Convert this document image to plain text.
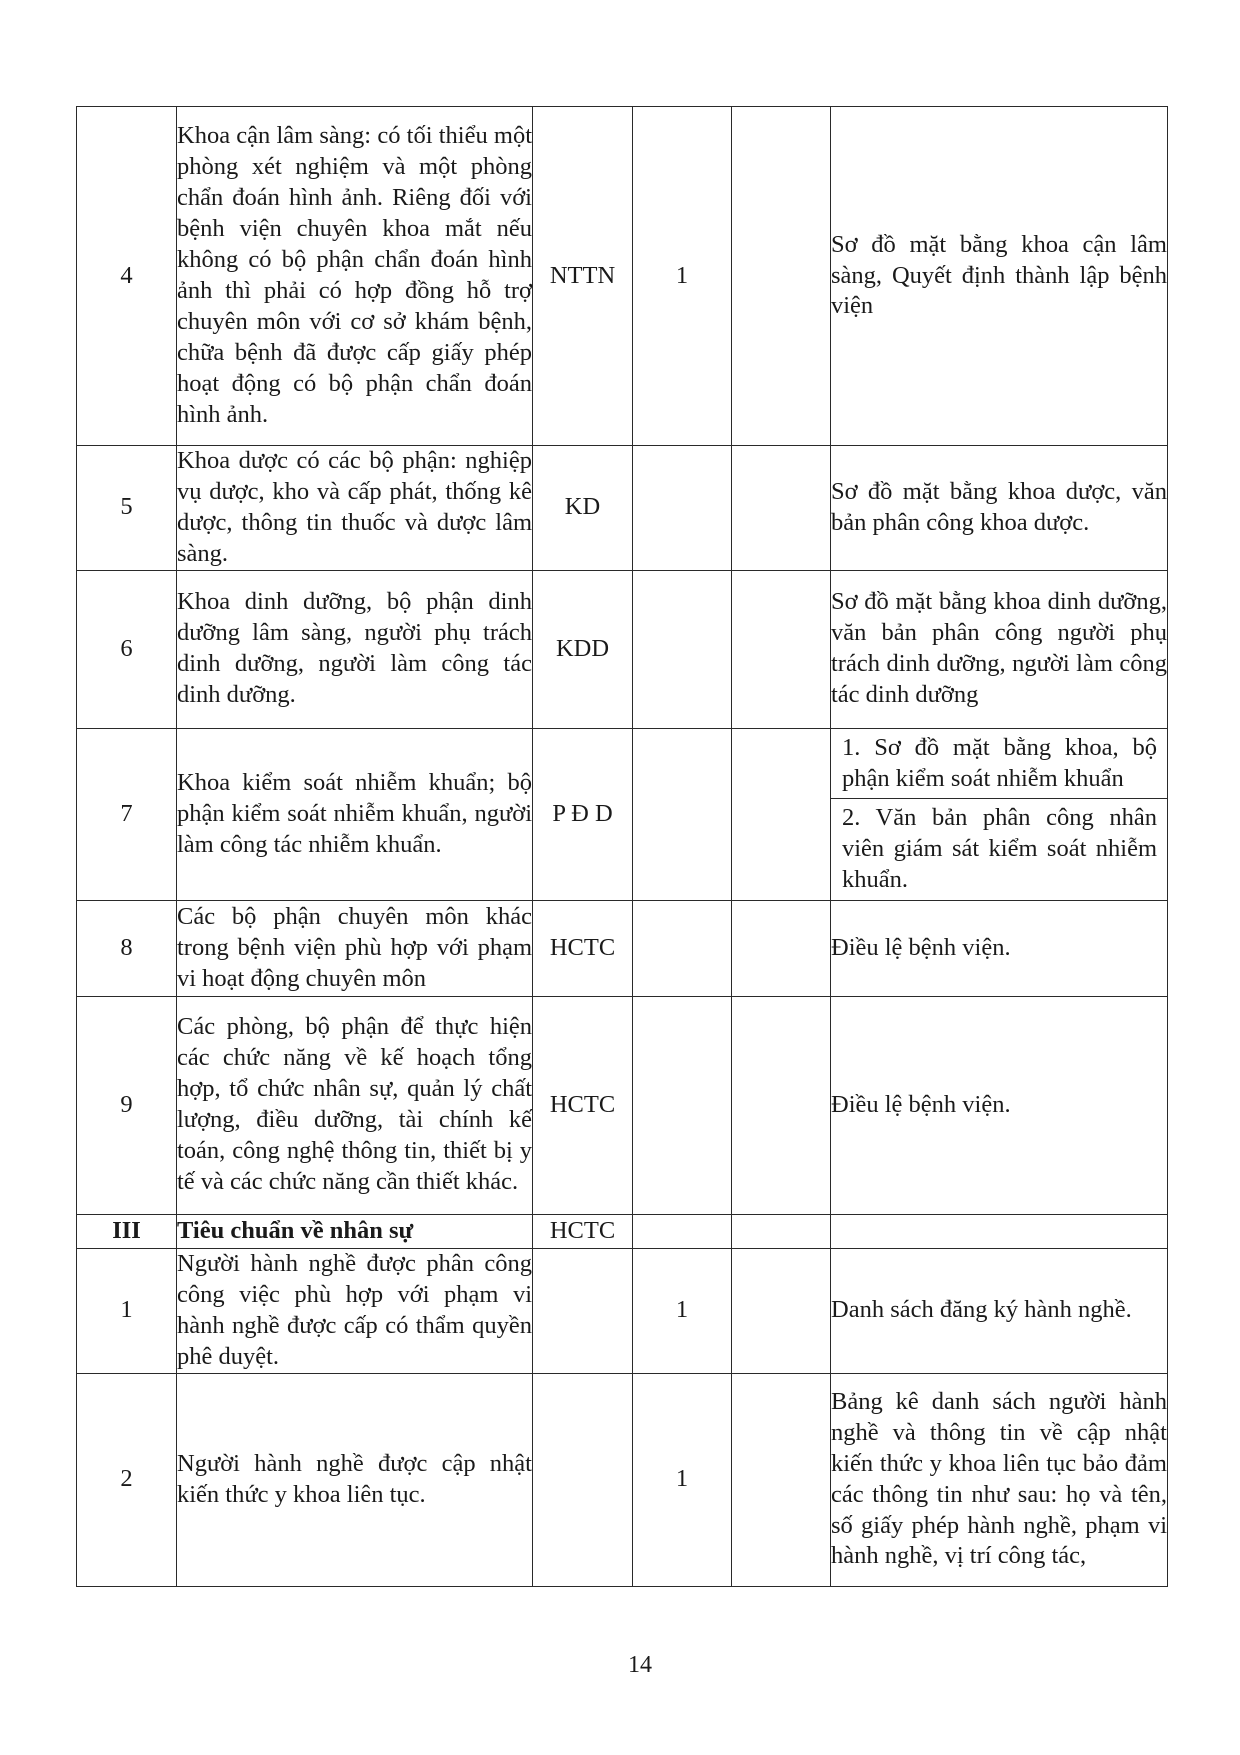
4	Khoa cận lâm sàng: có tối thiểu một phòng xét nghiệm và một phòng chẩn đoán hình ảnh. Riêng đối với bệnh viện chuyên khoa mắt nếu không có bộ phận chẩn đoán hình ảnh thì phải có hợp đồng hỗ trợ chuyên môn với cơ sở khám bệnh, chữa bệnh đã được cấp giấy phép hoạt động có bộ phận chẩn đoán hình ảnh.	NTTN	1		Sơ đồ mặt bằng khoa cận lâm sàng, Quyết định thành lập bệnh viện
5	Khoa dược có các bộ phận: nghiệp vụ dược, kho và cấp phát, thống kê dược, thông tin thuốc và dược lâm sàng.	KD			Sơ đồ mặt bằng khoa dược, văn bản phân công khoa dược.
6	Khoa dinh dưỡng, bộ phận dinh dưỡng lâm sàng, người phụ trách dinh dưỡng, người làm công tác dinh dưỡng.	KDD			Sơ đồ mặt bằng khoa dinh dưỡng, văn bản phân công người phụ trách dinh dưỡng, người làm công tác dinh dưỡng
7	Khoa kiểm soát nhiễm khuẩn; bộ phận kiểm soát nhiễm khuẩn, người làm công tác nhiễm khuẩn.	P Đ D			1. Sơ đồ mặt bằng khoa, bộ phận kiểm soát nhiễm khuẩn
2. Văn bản phân công nhân viên giám sát kiểm soát nhiễm khuẩn.

8	Các bộ phận chuyên môn khác trong bệnh viện phù hợp với phạm vi hoạt động chuyên môn	HCTC			Điều lệ bệnh viện.
9	Các phòng, bộ phận để thực hiện các chức năng về kế hoạch tổng hợp, tổ chức nhân sự, quản lý chất lượng, điều dưỡng, tài chính kế toán, công nghệ thông tin, thiết bị y tế và các chức năng cần thiết khác.	HCTC			Điều lệ bệnh viện.
III	Tiêu chuẩn về nhân sự	HCTC			
1	Người hành nghề được phân công công việc phù hợp với phạm vi hành nghề được cấp có thẩm quyền phê duyệt.		1		Danh sách đăng ký hành nghề.
2	Người hành nghề được cập nhật kiến thức y khoa liên tục.		1		Bảng kê danh sách người hành nghề và thông tin về cập nhật kiến thức y khoa liên tục bảo đảm các thông tin như sau: họ và tên, số giấy phép hành nghề, phạm vi hành nghề, vị trí công tác,
14
